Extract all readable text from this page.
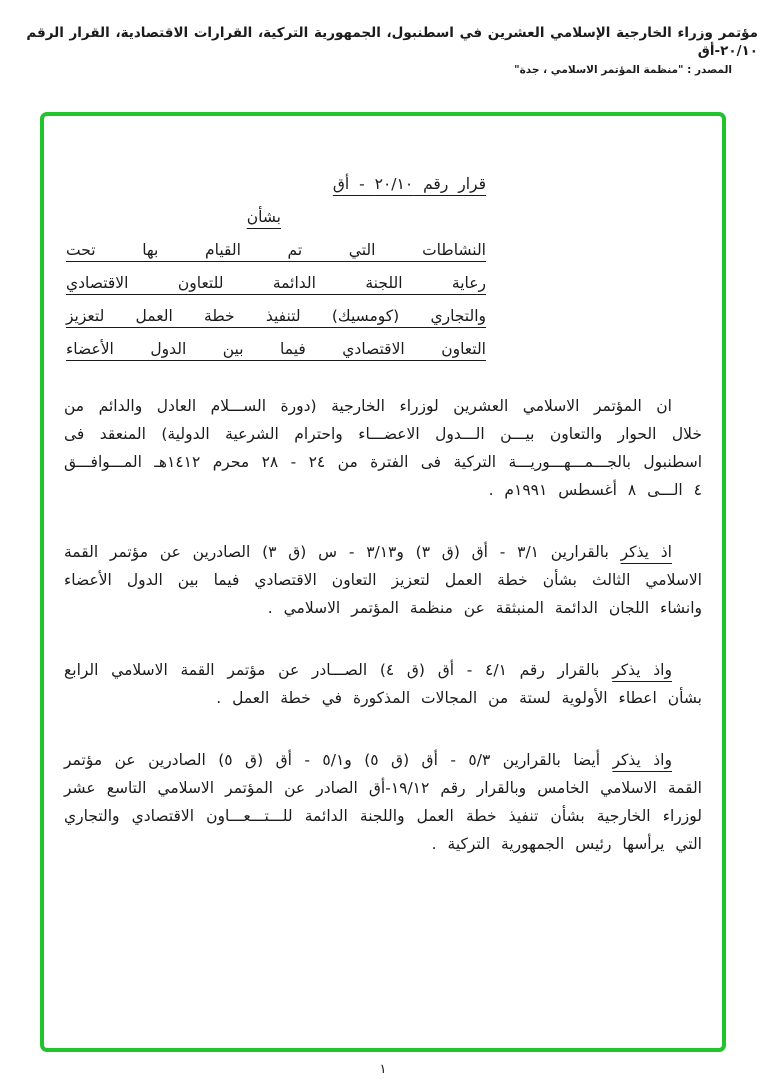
مؤتمر وزراء الخارجية الإسلامي العشرين في اسطنبول، الجمهورية التركية، القرارات الاقتصادية، القرار الرقم ٢٠/١٠-أق
المصدر : "منظمة المؤتمر الاسلامي ، جدة"
قرار رقم ٢٠/١٠ - أق
بشأن
النشاطات التي تم القيام بها تحت
رعاية اللجنة الدائمة للتعاون الاقتصادي
والتجاري (كومسيك) لتنفيذ خطة العمل لتعزيز
التعاون الاقتصادي فيما بين الدول الأعضاء

ان المؤتمر الاسلامي العشرين لوزراء الخارجية (دورة الســـلام العادل والدائم من خلال الحوار والتعاون بيـــن الـــدول الاعضـــاء واحترام الشرعية الدولية) المنعقد فى اسطنبول بالجـــمـــهـــوريـــة التركية فى الفترة من ٢٤ - ٢٨ محرم ١٤١٢هـ المـــوافـــق ٤ الـــى ٨ أغسطس ١٩٩١م .

اذ يذكر بالقرارين ٣/١ - أق (ق ٣) و٣/١٣ - س (ق ٣) الصادرين عن مؤتمر القمة الاسلامي الثالث بشأن خطة العمل لتعزيز التعاون الاقتصادي فيما بين الدول الأعضاء وانشاء اللجان الدائمة المنبثقة عن منظمة المؤتمر الاسلامي .

واذ يذكر بالقرار رقم ٤/١ - أق (ق ٤) الصـــادر عن مؤتمر القمة الاسلامي الرابع بشأن اعطاء الأولوية لستة من المجالات المذكورة في خطة العمل .

واذ يذكر أيضا بالقرارين ٥/٣ - أق (ق ٥) و٥/١ - أق (ق ٥) الصادرين عن مؤتمر القمة الاسلامي الخامس وبالقرار رقم ١٩/١٢-أق الصادر عن المؤتمر الاسلامي التاسع عشر لوزراء الخارجية بشأن تنفيذ خطة العمل واللجنة الدائمة للـــتـــعـــاون الاقتصادي والتجاري التي يرأسها رئيس الجمهورية التركية .

١
